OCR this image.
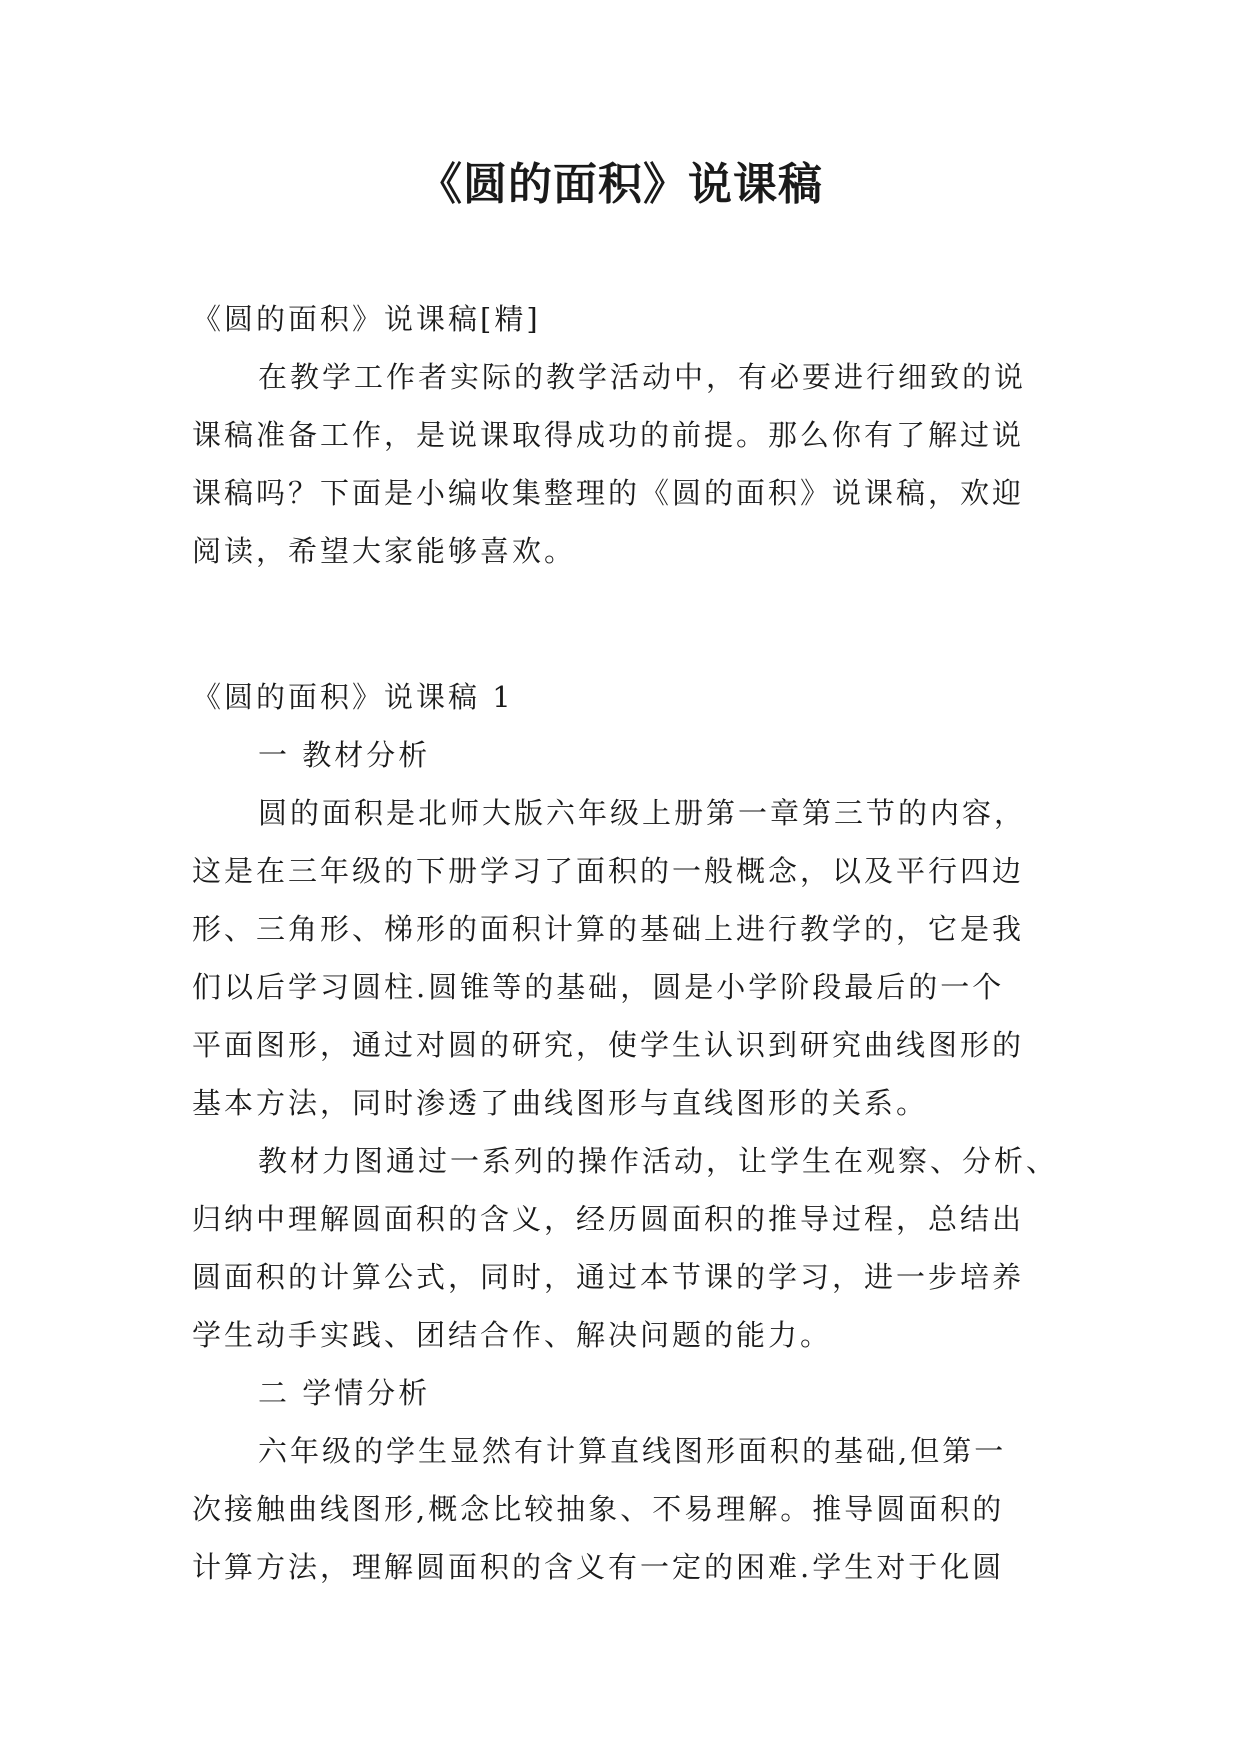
《圆的面积》说课稿
《圆的面积》说课稿[精]
在教学工作者实际的教学活动中，有必要进行细致的说
课稿准备工作，是说课取得成功的前提。那么你有了解过说
课稿吗？下面是小编收集整理的《圆的面积》说课稿，欢迎
阅读，希望大家能够喜欢。
《圆的面积》说课稿 1
一 教材分析
圆的面积是北师大版六年级上册第一章第三节的内容，
这是在三年级的下册学习了面积的一般概念，以及平行四边
形、三角形、梯形的面积计算的基础上进行教学的，它是我
们以后学习圆柱.圆锥等的基础，圆是小学阶段最后的一个
平面图形，通过对圆的研究，使学生认识到研究曲线图形的
基本方法，同时渗透了曲线图形与直线图形的关系。
教材力图通过一系列的操作活动，让学生在观察、分析、
归纳中理解圆面积的含义，经历圆面积的推导过程，总结出
圆面积的计算公式，同时，通过本节课的学习，进一步培养
学生动手实践、团结合作、解决问题的能力。
二 学情分析
六年级的学生显然有计算直线图形面积的基础,但第一
次接触曲线图形,概念比较抽象、不易理解。推导圆面积的
计算方法，理解圆面积的含义有一定的困难.学生对于化圆
